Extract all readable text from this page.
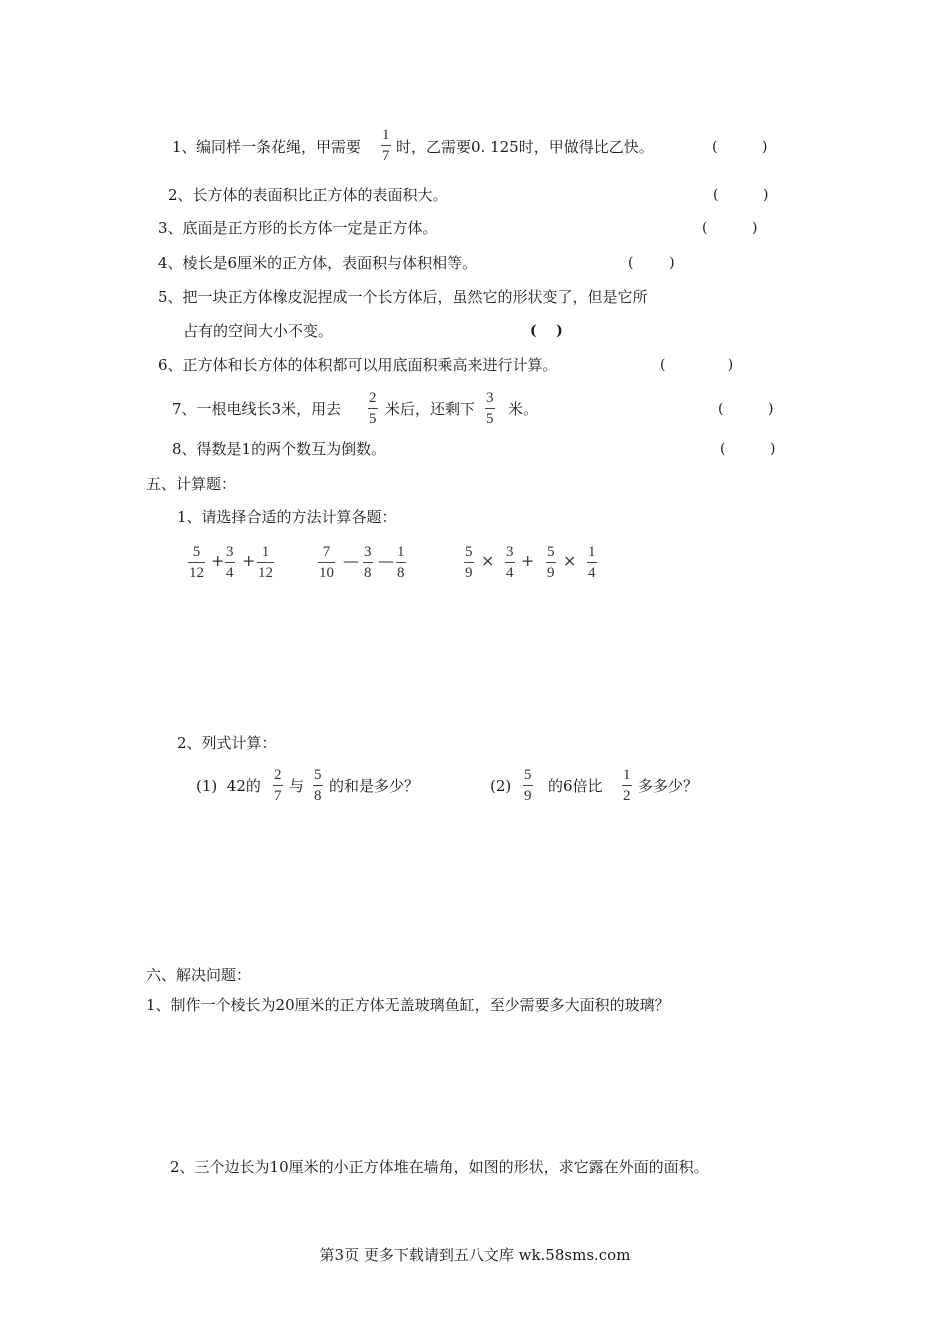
1、 编同样一条花绳，甲需要
1
7 时，乙需要0. 125时，甲做得比乙快。	(          )
2、长方体的表面积比正方体的表面积大。	(          )
3、底面是正方形的长方体一定是正方体。	(          )
4、棱长是6厘米的正方体，表面积与体积相等。	(        )
5、把一块正方体橡皮泥捏成一个长方体后，虽然它的形状变了，但是它所
占有的空间大小不变。	(    )
6、正方体和长方体的体积都可以用底面积乘高来进行计算。	(              )
7、一根电线长3米，用去
2
5
米后，还剩下
3
5
米。	(          )
8、得数是1的两个数互为倒数。	(          )
五、计算题：
1、请选择合适的方法计算各题：
5
12
+ 3
4
+ 1
12
7
10
— 3
8
— 1
8
5
9
× 3
4
+ 5
9
× 1
4
2、列式计算：
(1)  42的
2
7
与
5
8
的和是多少？	(2)
5
9
的6倍比
1
2
多多少？
六、解决问题：
1、制作一个棱长为20厘米的正方体无盖玻璃鱼缸，至少需要多大面积的玻璃？
2、三个边长为10厘米的小正方体堆在墙角，如图的形状，求它露在外面的面积。
第3页 更多下载请到五八文库 wk.58sms.com
